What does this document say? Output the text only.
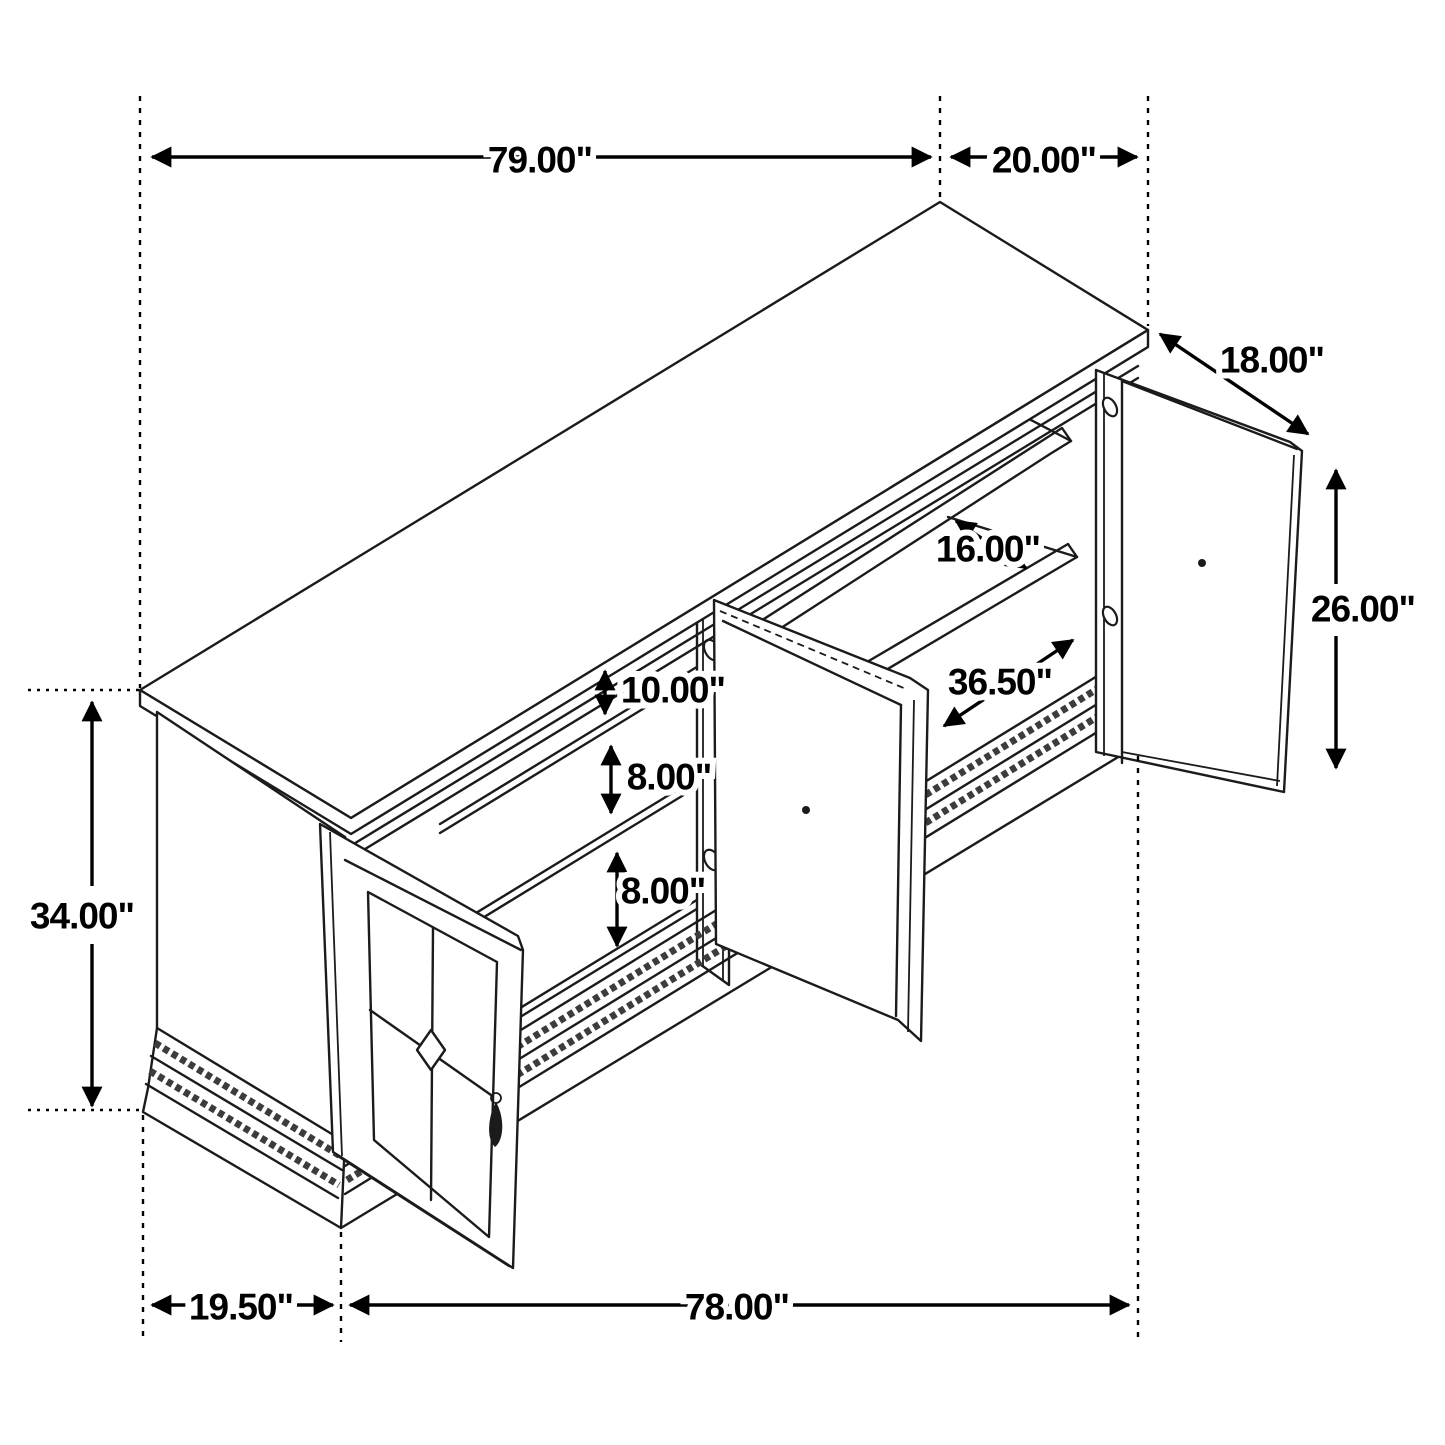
79.00"	20.00"
18.00"
26.00"
16.00"
36.50"
10.00"
8.00"
8.00"
34.00"
19.50"	78.00"
